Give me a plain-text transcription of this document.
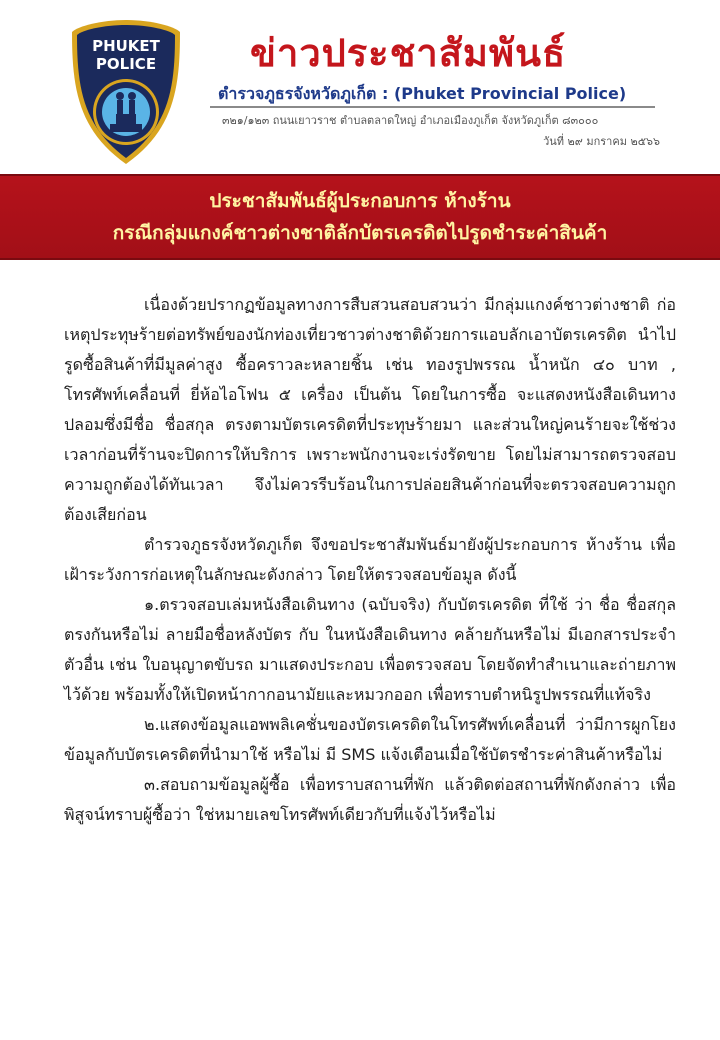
PHUKET
POLICE ข่าวประชาสัมพันธ์
ตำรวจภูธรจังหวัดภูเก็ต : (Phuket Provincial Police)
๓๒๑/๑๒๓ ถนนเยาวราช ตำบลตลาดใหญ่ อำเภอเมืองภูเก็ต จังหวัดภูเก็ต ๘๓๐๐๐
วันที่ ๒๙ มกราคม ๒๕๖๖
ประชาสัมพันธ์ผู้ประกอบการ ห้างร้าน
กรณีกลุ่มแกงค์ชาวต่างชาติลักบัตรเครดิตไปรูดชำระค่าสินค้า

เนื่องด้วยปรากฏข้อมูลทางการสืบสวนสอบสวนว่า มีกลุ่มแกงค์ชาวต่างชาติ ก่อเหตุประทุษร้ายต่อทรัพย์ของนักท่องเที่ยวชาวต่างชาติด้วยการแอบลักเอาบัตรเครดิต นำไปรูดซื้อสินค้าที่มีมูลค่าสูง ซื้อคราวละหลายชิ้น เช่น ทองรูปพรรณ น้ำหนัก ๔๐ บาท , โทรศัพท์เคลื่อนที่ ยี่ห้อไอโฟน ๕ เครื่อง เป็นต้น โดยในการซื้อ จะแสดงหนังสือเดินทางปลอมซึ่งมีชื่อ ชื่อสกุล ตรงตามบัตรเครดิตที่ประทุษร้ายมา และส่วนใหญ่คนร้ายจะใช้ช่วงเวลาก่อนที่ร้านจะปิดการให้บริการ เพราะพนักงานจะเร่งรัดขาย โดยไม่สามารถตรวจสอบความถูกต้องได้ทันเวลา จึงไม่ควรรีบร้อนในการปล่อยสินค้าก่อนที่จะตรวจสอบความถูกต้องเสียก่อน

ตำรวจภูธรจังหวัดภูเก็ต จึงขอประชาสัมพันธ์มายังผู้ประกอบการ ห้างร้าน เพื่อเฝ้าระวังการก่อเหตุในลักษณะดังกล่าว โดยให้ตรวจสอบข้อมูล ดังนี้

๑.ตรวจสอบเล่มหนังสือเดินทาง (ฉบับจริง) กับบัตรเครดิต ที่ใช้ ว่า ชื่อ ชื่อสกุล ตรงกันหรือไม่ ลายมือชื่อหลังบัตร กับ ในหนังสือเดินทาง คล้ายกันหรือไม่ มีเอกสารประจำตัวอื่น เช่น ใบอนุญาตขับรถ มาแสดงประกอบ เพื่อตรวจสอบ โดยจัดทำสำเนาและถ่ายภาพไว้ด้วย พร้อมทั้งให้เปิดหน้ากากอนามัยและหมวกออก เพื่อทราบตำหนิรูปพรรณที่แท้จริง

๒.แสดงข้อมูลแอพพลิเคชั่นของบัตรเครดิตในโทรศัพท์เคลื่อนที่ ว่ามีการผูกโยงข้อมูลกับบัตรเครดิตที่นำมาใช้ หรือไม่ มี SMS แจ้งเตือนเมื่อใช้บัตรชำระค่าสินค้าหรือไม่

๓.สอบถามข้อมูลผู้ซื้อ เพื่อทราบสถานที่พัก แล้วติดต่อสถานที่พักดังกล่าว เพื่อพิสูจน์ทราบผู้ซื้อว่า ใช่หมายเลขโทรศัพท์เดียวกับที่แจ้งไว้หรือไม่
